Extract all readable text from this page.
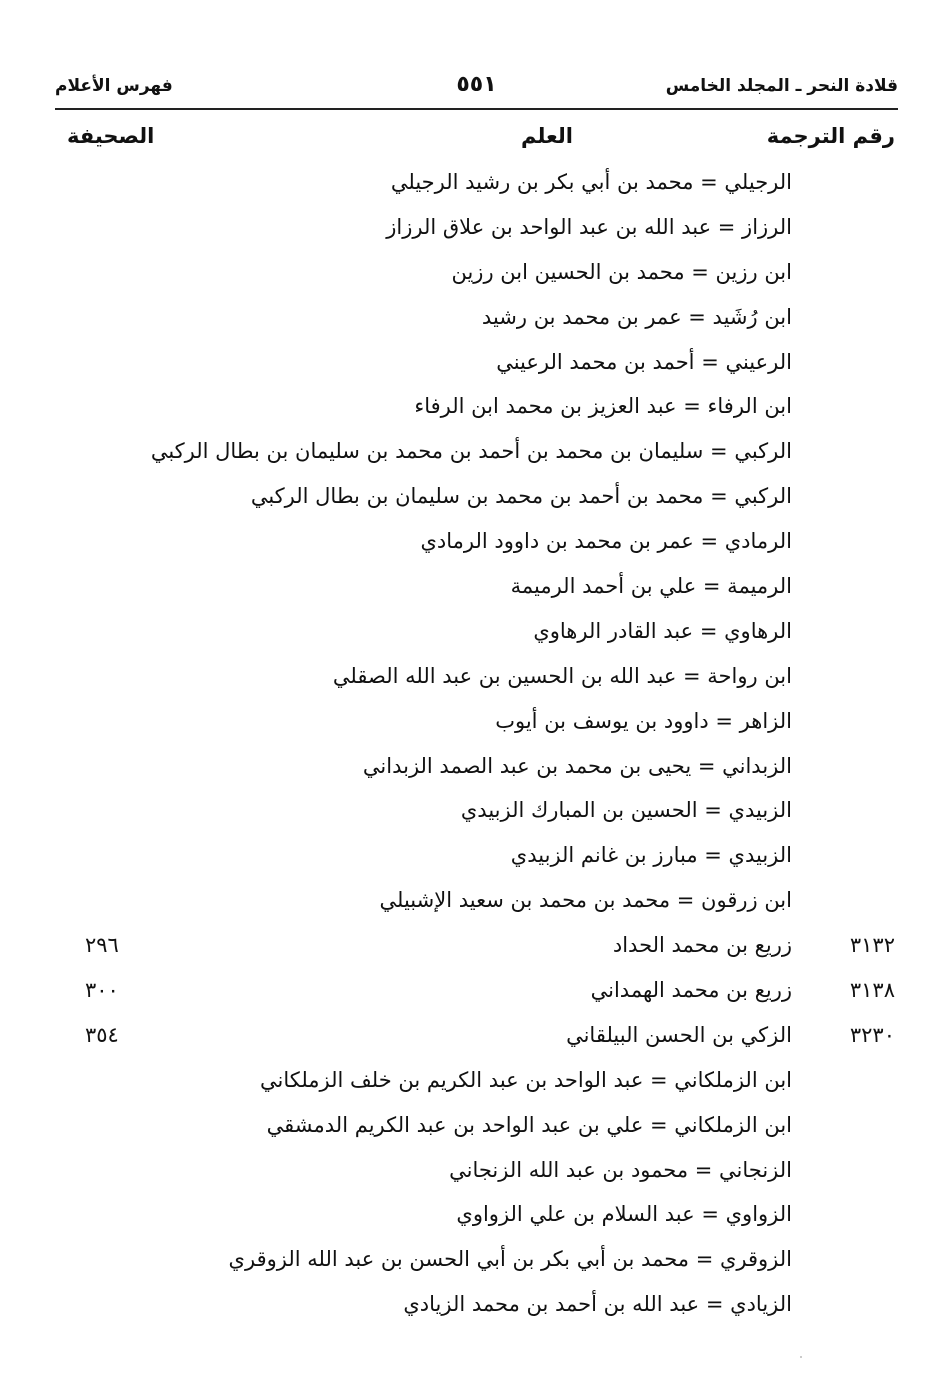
قلادة النحر ـ المجلد الخامس
٥٥١
فهرس الأعلام
رقم الترجمة
العلم
الصحيفة
الرجيلي = محمد بن أبي بكر بن رشيد الرجيلي
الرزاز = عبد الله بن عبد الواحد بن علاق الرزاز
ابن رزين = محمد بن الحسين ابن رزين
ابن رُشَيد = عمر بن محمد بن رشيد
الرعيني = أحمد بن محمد الرعيني
ابن الرفاء = عبد العزيز بن محمد ابن الرفاء
الركبي = سليمان بن محمد بن أحمد بن محمد بن سليمان بن بطال الركبي
الركبي = محمد بن أحمد بن محمد بن سليمان بن بطال الركبي
الرمادي = عمر بن محمد بن داوود الرمادي
الرميمة = علي بن أحمد الرميمة
الرهاوي = عبد القادر الرهاوي
ابن رواحة = عبد الله بن الحسين بن عبد الله الصقلي
الزاهر = داوود بن يوسف بن أيوب
الزبداني = يحيى بن محمد بن عبد الصمد الزبداني
الزبيدي = الحسين بن المبارك الزبيدي
الزبيدي = مبارز بن غانم الزبيدي
ابن زرقون = محمد بن محمد بن سعيد الإشبيلي
٣١٣٢
زريع بن محمد الحداد
٢٩٦
٣١٣٨
زريع بن محمد الهمداني
٣٠٠
٣٢٣٠
الزكي بن الحسن البيلقاني
٣٥٤
ابن الزملكاني = عبد الواحد بن عبد الكريم بن خلف الزملكاني
ابن الزملكاني = علي بن عبد الواحد بن عبد الكريم الدمشقي
الزنجاني = محمود بن عبد الله الزنجاني
الزواوي = عبد السلام بن علي الزواوي
الزوقري = محمد بن أبي بكر بن أبي الحسن بن عبد الله الزوقري
الزيادي = عبد الله بن أحمد بن محمد الزيادي
